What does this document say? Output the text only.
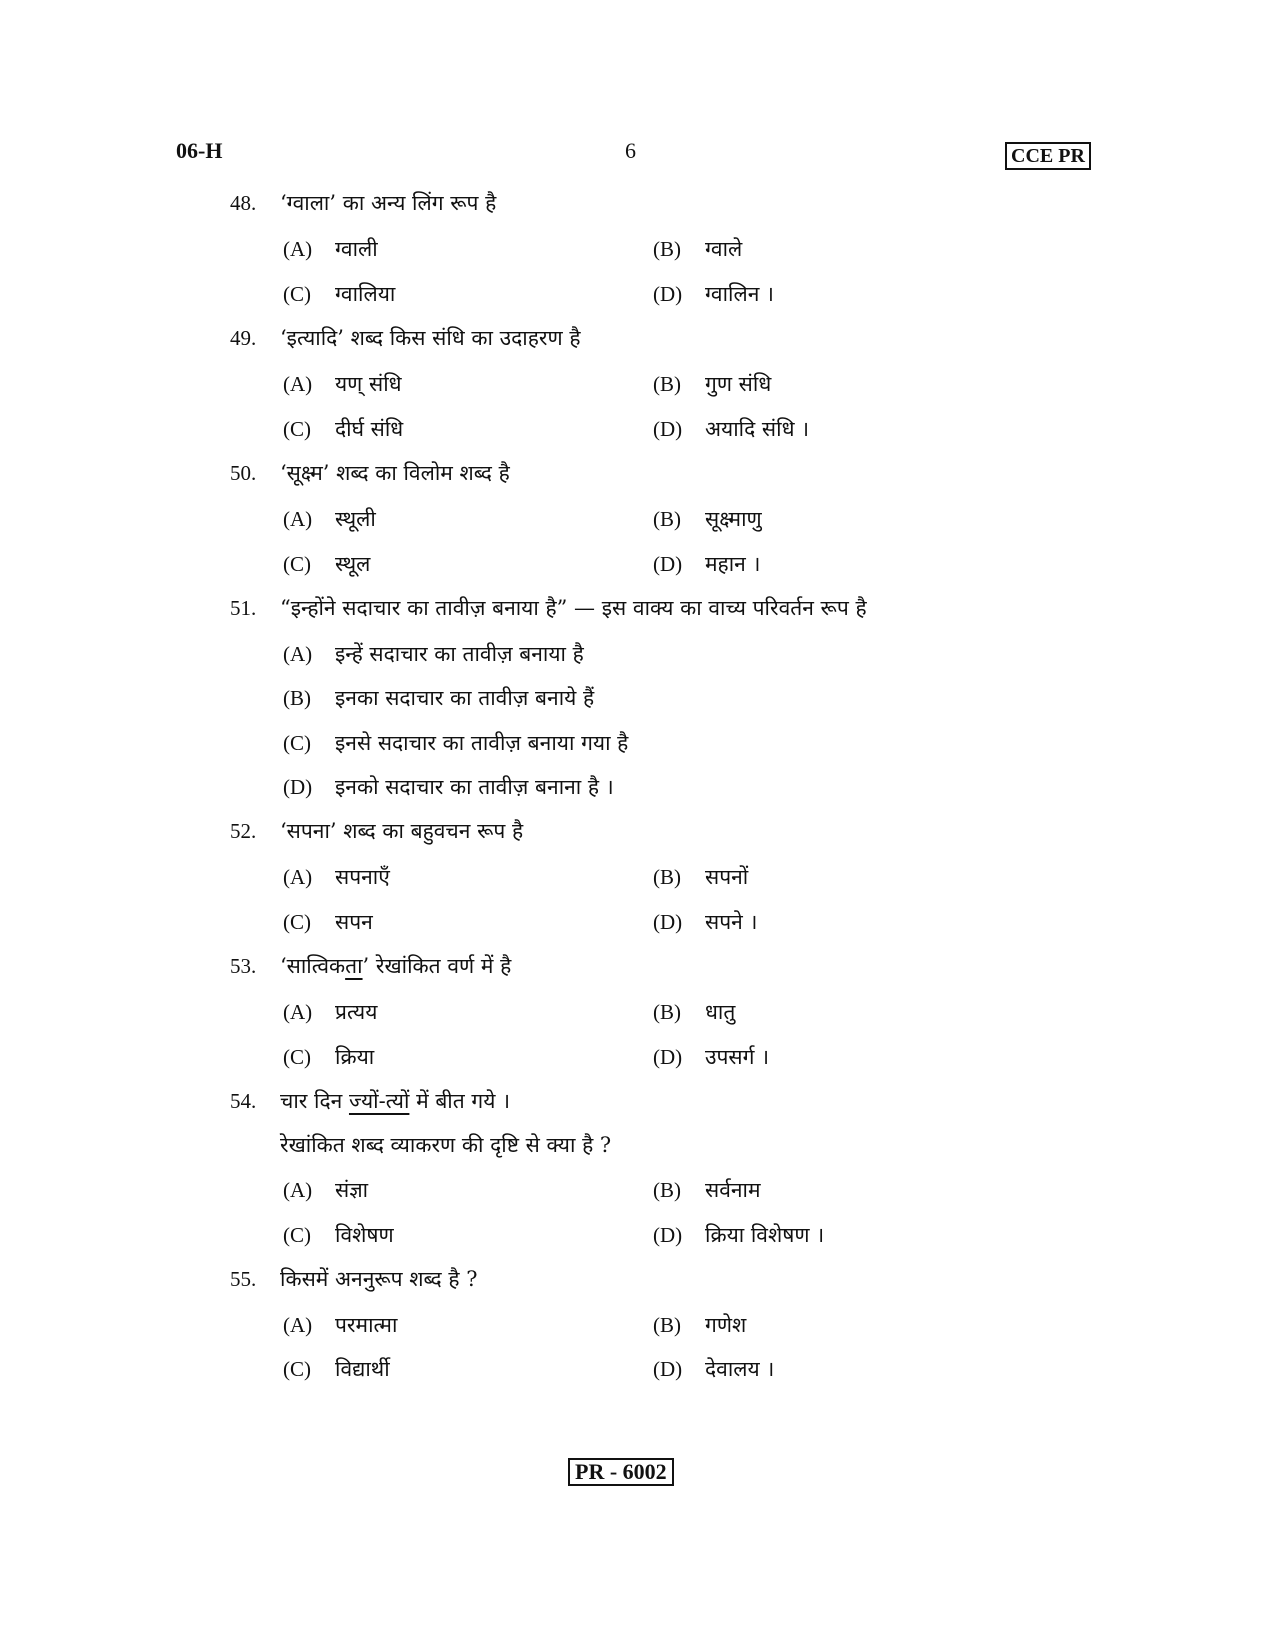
06-H	6	CCE PR
48. ‘ग्वाला’ का अन्य लिंग रूप है
(A) ग्वाली	(B) ग्वाले
(C) ग्वालिया	(D) ग्वालिन ।
49. ‘इत्यादि’ शब्द किस संधि का उदाहरण है
(A) यण् संधि	(B) गुण संधि
(C) दीर्घ संधि	(D) अयादि संधि ।
50. ‘सूक्ष्म’ शब्द का विलोम शब्द है
(A) स्थूली	(B) सूक्ष्माणु
(C) स्थूल	(D) महान ।
51. “इन्होंने सदाचार का तावीज़ बनाया है” — इस वाक्य का वाच्य परिवर्तन रूप है
(A) इन्हें सदाचार का तावीज़ बनाया है
(B) इनका सदाचार का तावीज़ बनाये हैं
(C) इनसे सदाचार का तावीज़ बनाया गया है
(D) इनको सदाचार का तावीज़ बनाना है ।
52. ‘सपना’ शब्द का बहुवचन रूप है
(A) सपनाएँ	(B) सपनों
(C) सपन	(D) सपने ।
53. ‘सात्विकता’ रेखांकित वर्ण में है
(A) प्रत्यय	(B) धातु
(C) क्रिया	(D) उपसर्ग ।
54. चार दिन ज्यों-त्यों में बीत गये ।
रेखांकित शब्द व्याकरण की दृष्टि से क्या है ?
(A) संज्ञा	(B) सर्वनाम
(C) विशेषण	(D) क्रिया विशेषण ।
55. किसमें अननुरूप शब्द है ?
(A) परमात्मा	(B) गणेश
(C) विद्यार्थी	(D) देवालय ।
PR - 6002
